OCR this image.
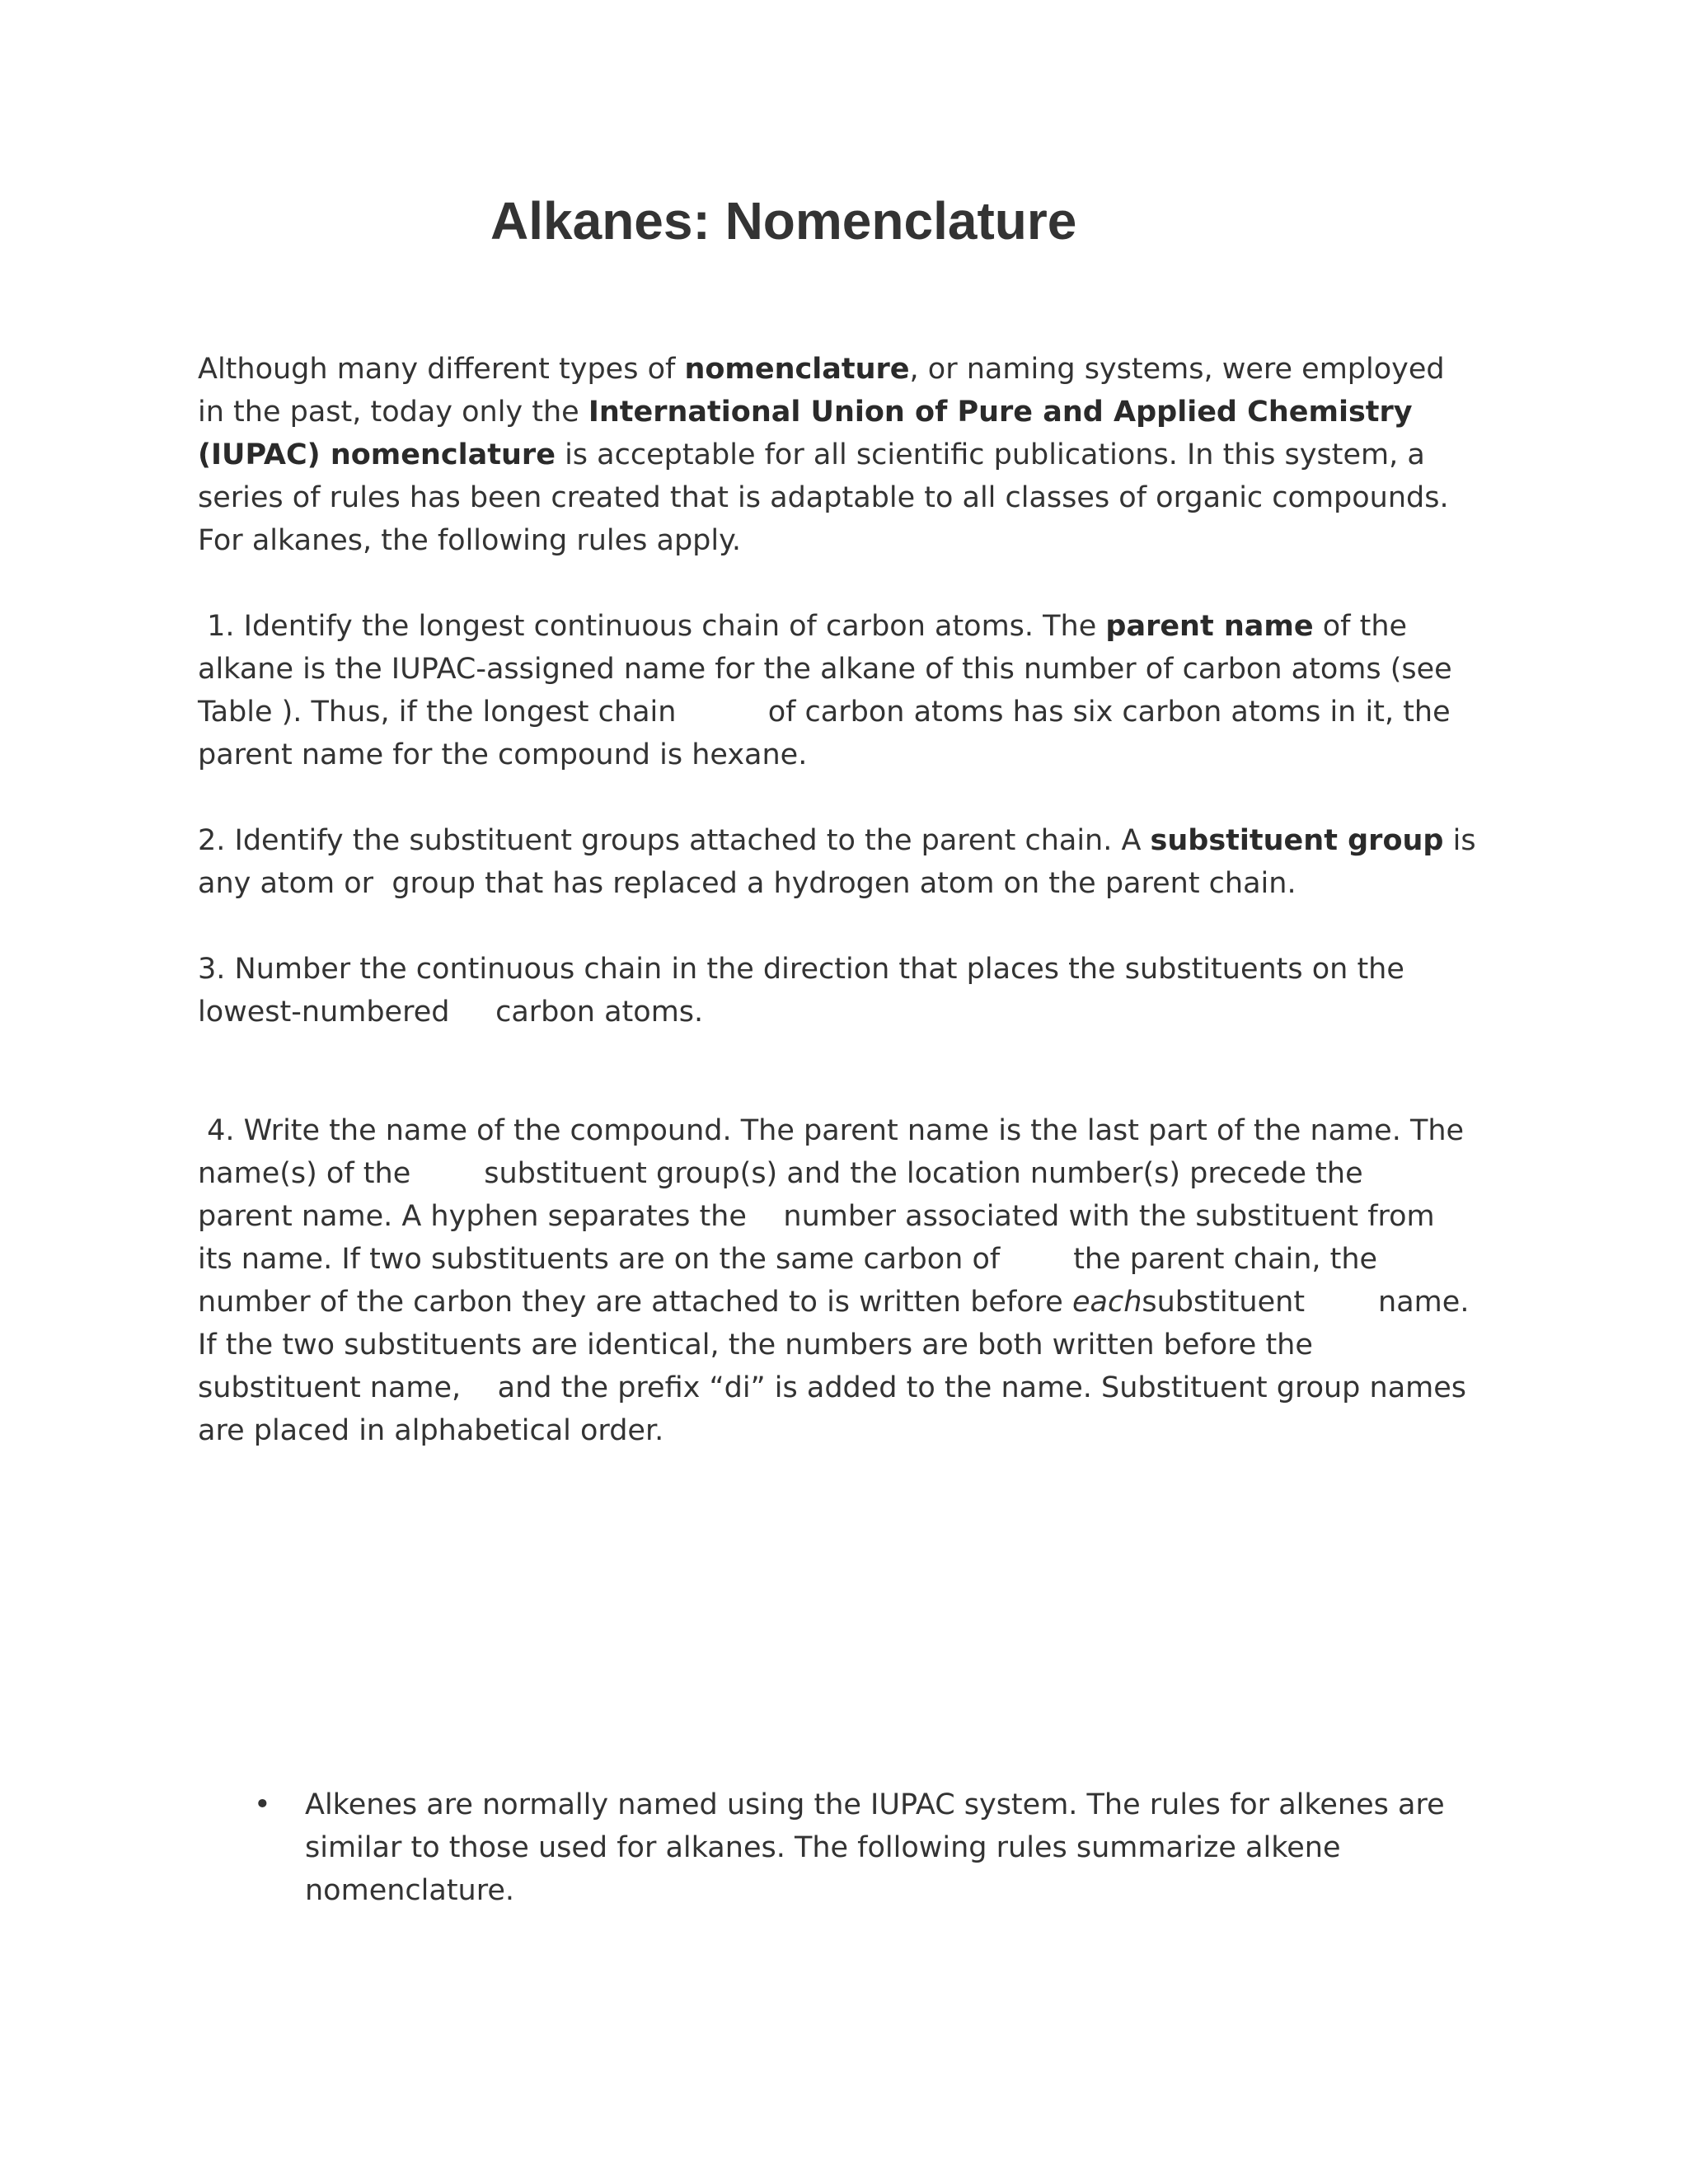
Alkanes: Nomenclature
Although many different types of nomenclature, or naming systems, were employed
in the past, today only the International Union of Pure and Applied Chemistry
(IUPAC) nomenclature is acceptable for all scientific publications. In this system, a
series of rules has been created that is adaptable to all classes of organic compounds.
For alkanes, the following rules apply.
1. Identify the longest continuous chain of carbon atoms. The parent name of the
alkane is the IUPAC-assigned name for the alkane of this number of carbon atoms (see
Table ). Thus, if the longest chain          of carbon atoms has six carbon atoms in it, the
parent name for the compound is hexane.
2. Identify the substituent groups attached to the parent chain. A substituent group is
any atom or  group that has replaced a hydrogen atom on the parent chain.
3. Number the continuous chain in the direction that places the substituents on the
lowest-numbered     carbon atoms.
4. Write the name of the compound. The parent name is the last part of the name. The
name(s) of the        substituent group(s) and the location number(s) precede the
parent name. A hyphen separates the    number associated with the substituent from
its name. If two substituents are on the same carbon of        the parent chain, the
number of the carbon they are attached to is written before eachsubstituent        name.
If the two substituents are identical, the numbers are both written before the
substituent name,    and the prefix “di” is added to the name. Substituent group names
are placed in alphabetical order.
• Alkenes are normally named using the IUPAC system. The rules for alkenes are
similar to those used for alkanes. The following rules summarize alkene
nomenclature.
